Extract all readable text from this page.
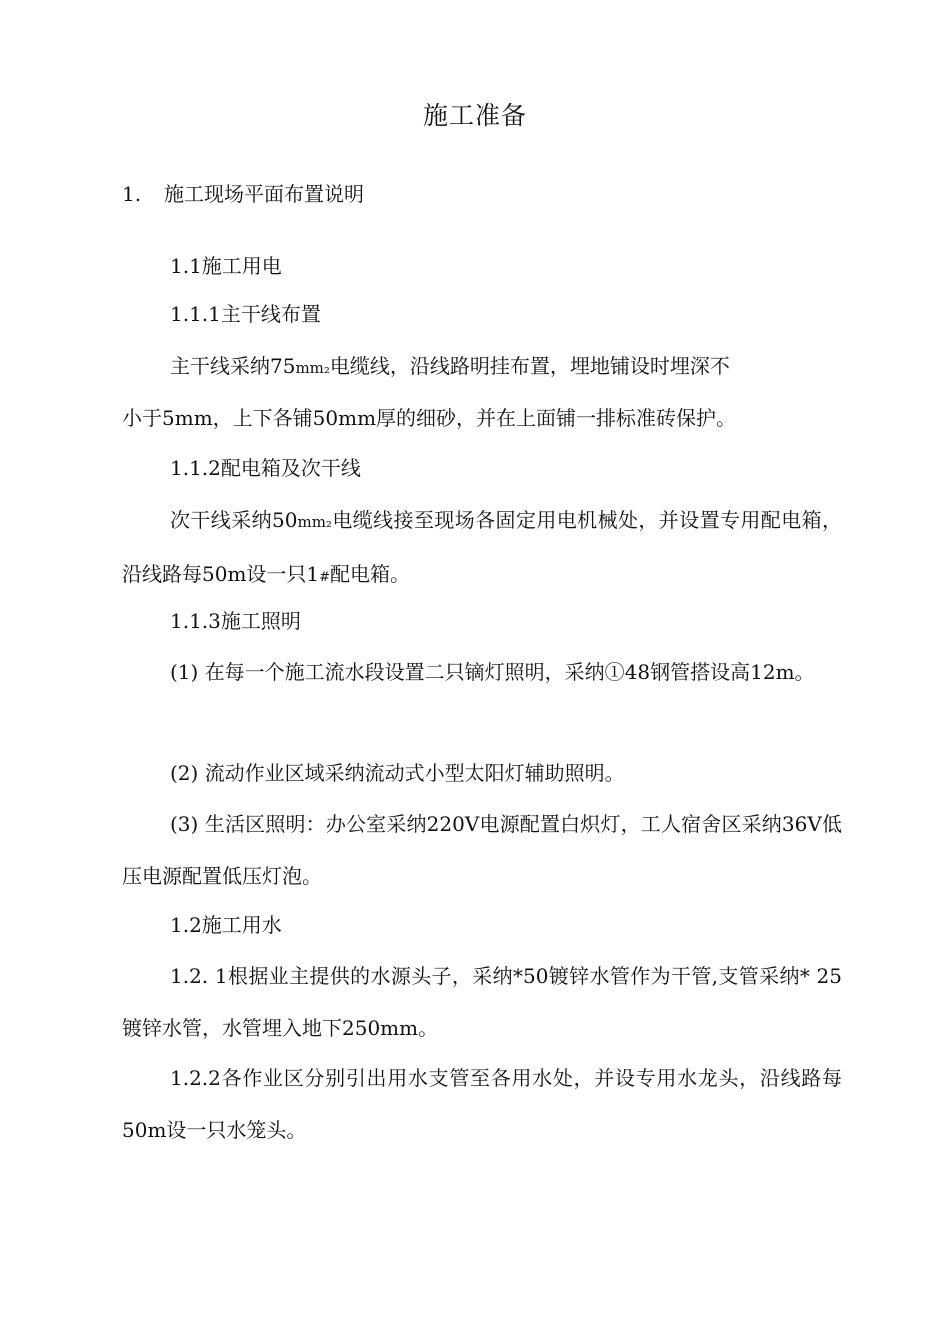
施工准备

1. 施工现场平面布置说明

1.1施工用电

1.1.1主干线布置

主干线采纳75mm₂电缆线，沿线路明挂布置，埋地铺设时埋深不

小于5mm，上下各铺50mm厚的细砂，并在上面铺一排标准砖保护。

1.1.2配电箱及次干线

次干线采纳50mm₂电缆线接至现场各固定用电机械处，并设置专用配电箱，沿线路每50m设一只1#配电箱。

1.1.3施工照明

(1) 在每一个施工流水段设置二只镝灯照明，采纳①48钢管搭设高12m。

(2) 流动作业区域采纳流动式小型太阳灯辅助照明。

(3) 生活区照明：办公室采纳220V电源配置白炽灯，工人宿舍区采纳36V低压电源配置低压灯泡。

1.2施工用水

1.2. 1根据业主提供的水源头子，采纳*50镀锌水管作为干管,支管采纳* 25镀锌水管，水管埋入地下250mm。

1.2.2各作业区分别引出用水支管至各用水处，并设专用水龙头，沿线路每50m设一只水笼头。
